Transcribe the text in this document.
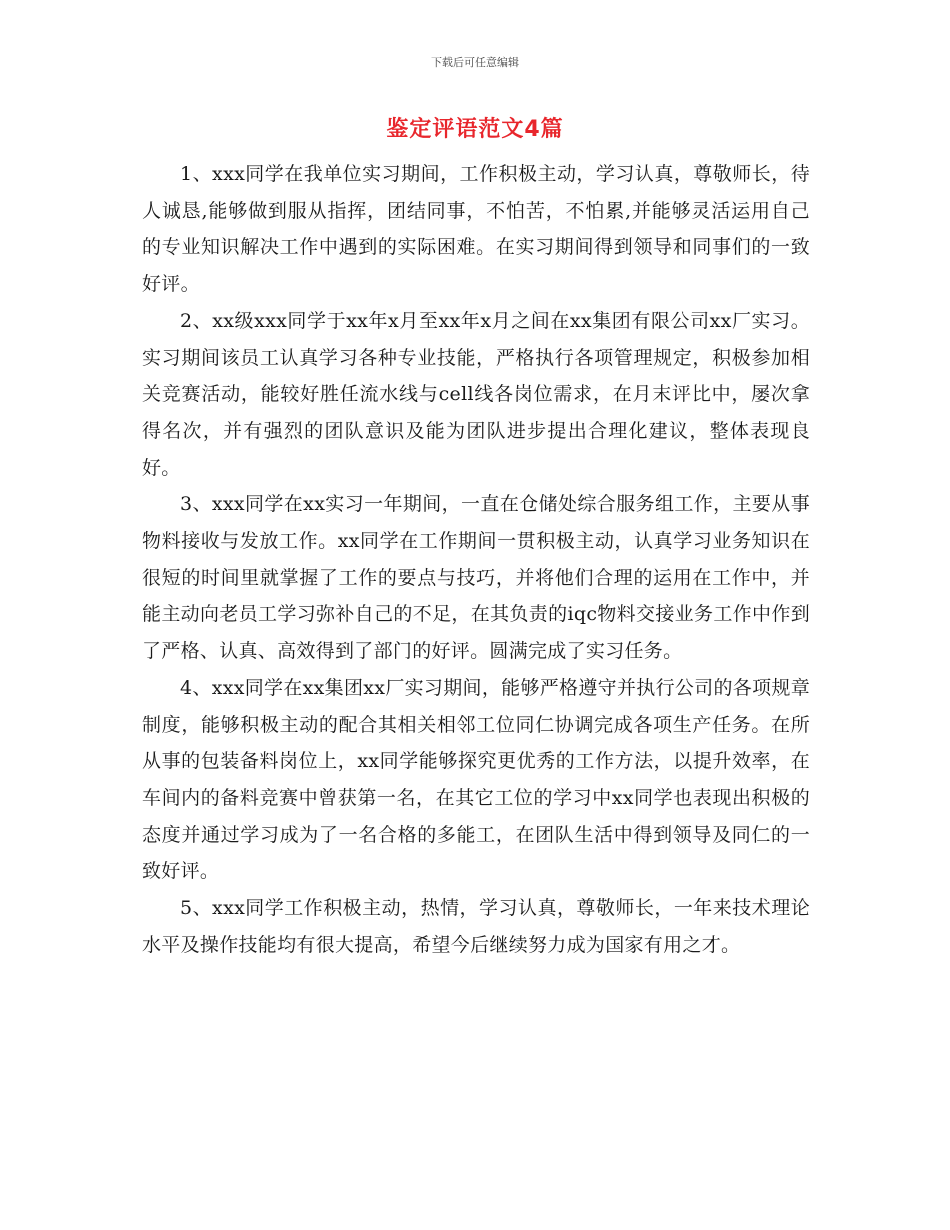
下载后可任意编辑
鉴定评语范文4篇

1、xxx同学在我单位实习期间，工作积极主动，学习认真，尊敬师长，待人诚恳,能够做到服从指挥，团结同事，不怕苦，不怕累,并能够灵活运用自己的专业知识解决工作中遇到的实际困难。在实习期间得到领导和同事们的一致好评。

2、xx级xxx同学于xx年x月至xx年x月之间在xx集团有限公司xx厂实习。实习期间该员工认真学习各种专业技能，严格执行各项管理规定，积极参加相关竞赛活动，能较好胜任流水线与cell线各岗位需求，在月末评比中，屡次拿得名次，并有强烈的团队意识及能为团队进步提出合理化建议，整体表现良好。

3、xxx同学在xx实习一年期间，一直在仓储处综合服务组工作，主要从事物料接收与发放工作。xx同学在工作期间一贯积极主动，认真学习业务知识在很短的时间里就掌握了工作的要点与技巧，并将他们合理的运用在工作中，并能主动向老员工学习弥补自己的不足，在其负责的iqc物料交接业务工作中作到了严格、认真、高效得到了部门的好评。圆满完成了实习任务。

4、xxx同学在xx集团xx厂实习期间，能够严格遵守并执行公司的各项规章制度，能够积极主动的配合其相关相邻工位同仁协调完成各项生产任务。在所从事的包装备料岗位上，xx同学能够探究更优秀的工作方法，以提升效率，在车间内的备料竞赛中曾获第一名，在其它工位的学习中xx同学也表现出积极的态度并通过学习成为了一名合格的多能工，在团队生活中得到领导及同仁的一致好评。

5、xxx同学工作积极主动，热情，学习认真，尊敬师长，一年来技术理论水平及操作技能均有很大提高，希望今后继续努力成为国家有用之才。
